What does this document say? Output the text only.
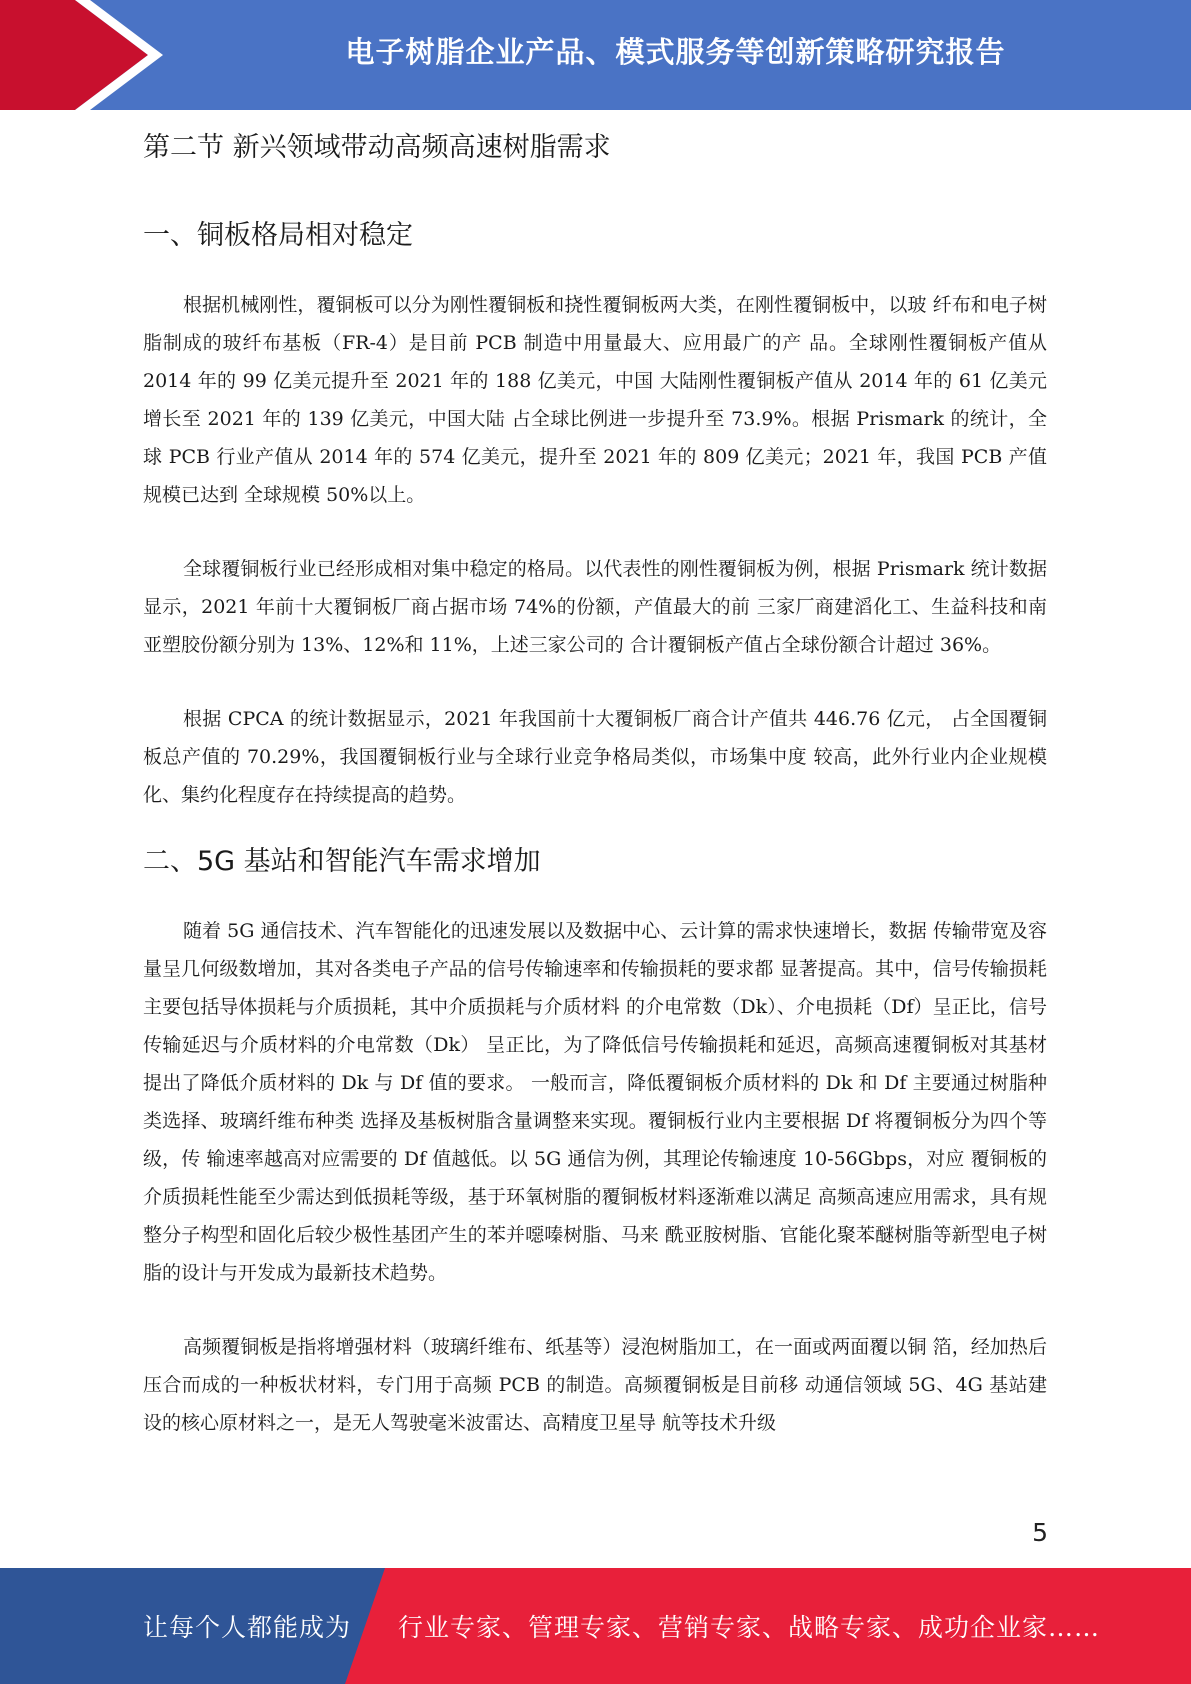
电子树脂企业产品、模式服务等创新策略研究报告
第二节 新兴领域带动高频高速树脂需求
一、铜板格局相对稳定

根据机械刚性，覆铜板可以分为刚性覆铜板和挠性覆铜板两大类，在刚性覆铜板中，以玻 纤布和电子树脂制成的玻纤布基板（FR-4）是目前 PCB 制造中用量最大、应用最广的产 品。全球刚性覆铜板产值从 2014 年的 99 亿美元提升至 2021 年的 188 亿美元，中国 大陆刚性覆铜板产值从 2014 年的 61 亿美元增长至 2021 年的 139 亿美元，中国大陆 占全球比例进一步提升至 73.9%。根据 Prismark 的统计，全球 PCB 行业产值从 2014 年的 574 亿美元，提升至 2021 年的 809 亿美元；2021 年，我国 PCB 产值规模已达到 全球规模 50%以上。

全球覆铜板行业已经形成相对集中稳定的格局。以代表性的刚性覆铜板为例，根据 Prismark 统计数据显示，2021 年前十大覆铜板厂商占据市场 74%的份额，产值最大的前 三家厂商建滔化工、生益科技和南亚塑胶份额分别为 13%、12%和 11%，上述三家公司的 合计覆铜板产值占全球份额合计超过 36%。

根据 CPCA 的统计数据显示，2021 年我国前十大覆铜板厂商合计产值共 446.76 亿元， 占全国覆铜板总产值的 70.29%，我国覆铜板行业与全球行业竞争格局类似，市场集中度 较高，此外行业内企业规模化、集约化程度存在持续提高的趋势。

二、5G 基站和智能汽车需求增加

随着 5G 通信技术、汽车智能化的迅速发展以及数据中心、云计算的需求快速增长，数据 传输带宽及容量呈几何级数增加，其对各类电子产品的信号传输速率和传输损耗的要求都 显著提高。其中，信号传输损耗主要包括导体损耗与介质损耗，其中介质损耗与介质材料 的介电常数（Dk）、介电损耗（Df）呈正比，信号传输延迟与介质材料的介电常数（Dk） 呈正比，为了降低信号传输损耗和延迟，高频高速覆铜板对其基材提出了降低介质材料的 Dk 与 Df 值的要求。 一般而言，降低覆铜板介质材料的 Dk 和 Df 主要通过树脂种类选择、玻璃纤维布种类 选择及基板树脂含量调整来实现。覆铜板行业内主要根据 Df 将覆铜板分为四个等级，传 输速率越高对应需要的 Df 值越低。以 5G 通信为例，其理论传输速度 10-56Gbps，对应 覆铜板的介质损耗性能至少需达到低损耗等级，基于环氧树脂的覆铜板材料逐渐难以满足 高频高速应用需求，具有规整分子构型和固化后较少极性基团产生的苯并噁嗪树脂、马来 酰亚胺树脂、官能化聚苯醚树脂等新型电子树脂的设计与开发成为最新技术趋势。

高频覆铜板是指将增强材料（玻璃纤维布、纸基等）浸泡树脂加工，在一面或两面覆以铜 箔，经加热后压合而成的一种板状材料，专门用于高频 PCB 的制造。高频覆铜板是目前移 动通信领域 5G、4G 基站建设的核心原材料之一，是无人驾驶毫米波雷达、高精度卫星导 航等技术升级

5
让每个人都能成为 行业专家、管理专家、营销专家、战略专家、成功企业家……
